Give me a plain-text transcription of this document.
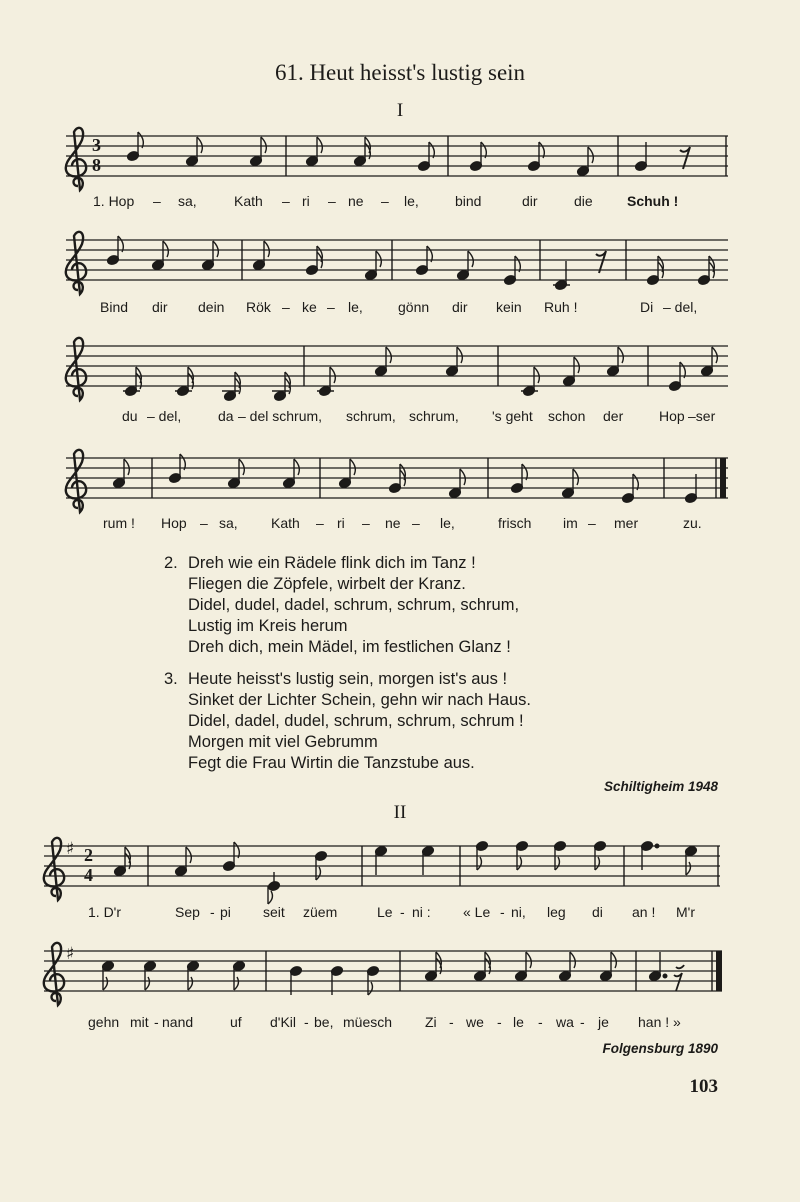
61. Heut heisst's lustig sein
I
3
8
1. Hop – sa,	Kath – ri – ne – le,	bind	dir	die Schuh !
Bind dir dein Rök – ke – le,	gönn dir kein Ruh !	Di – del,
du – del,	da – del schrum, schrum, schrum, 's geht schon der	Hop –ser
rum ! Hop – sa, Kath – ri – ne – le,	frisch im – mer	zu.
2. Dreh wie ein Rädele flink dich im Tanz !
Fliegen die Zöpfele, wirbelt der Kranz.
Didel, dudel, dadel, schrum, schrum, schrum,
Lustig im Kreis herum
Dreh dich, mein Mädel, im festlichen Glanz !
3. Heute heisst's lustig sein, morgen ist's aus !
Sinket der Lichter Schein, gehn wir nach Haus.
Didel, dadel, dudel, schrum, schrum, schrum !
Morgen mit viel Gebrumm
Fegt die Frau Wirtin die Tanzstube aus.
Schiltigheim 1948
II
♯ 2
4
1. D'r	Sep - pi seit züem	Le - ni : « Le - ni, leg di an ! M'r
♯
gehn mit - nand	uf d'Kil - be, müesch Zi - we - le - wa - je han ! »
Folgensburg 1890
103
